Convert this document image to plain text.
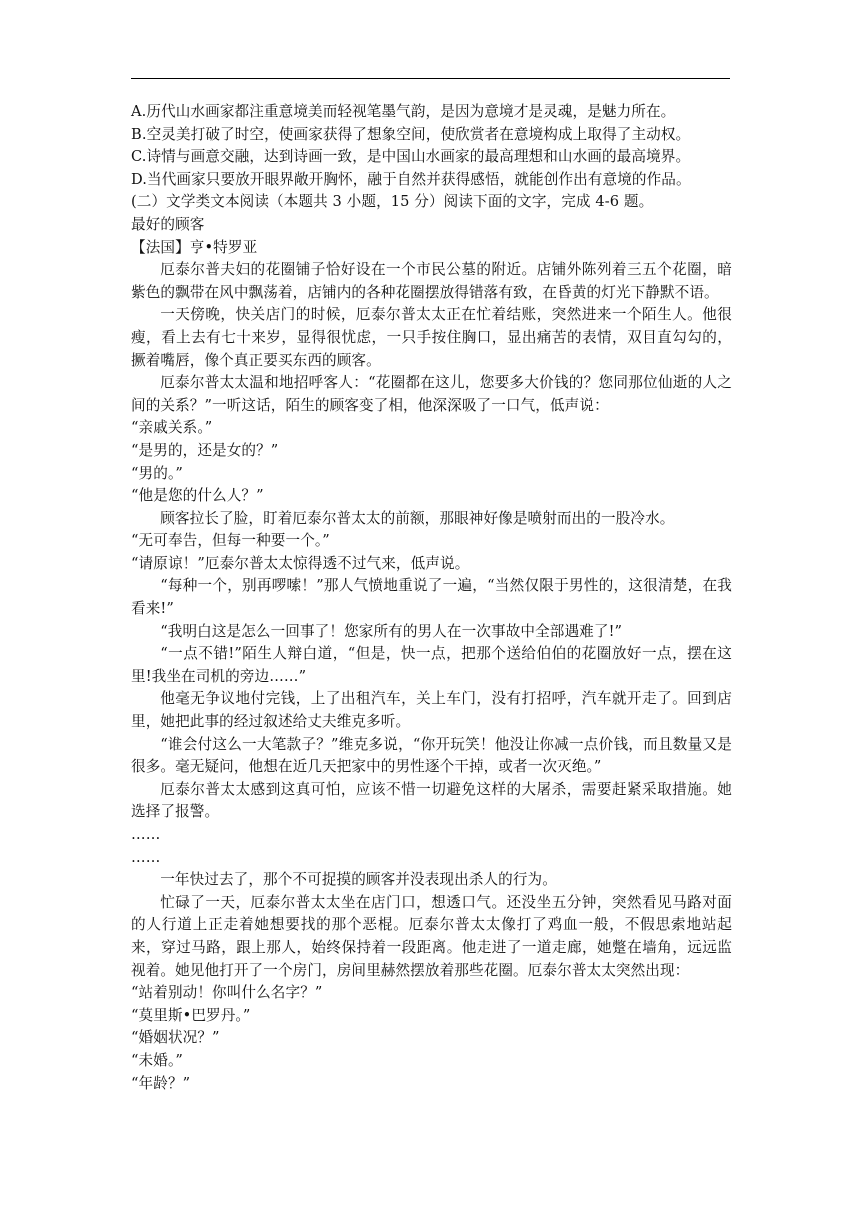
A.历代山水画家都注重意境美而轻视笔墨气韵，是因为意境才是灵魂，是魅力所在。

B.空灵美打破了时空，使画家获得了想象空间，使欣赏者在意境构成上取得了主动权。

C.诗情与画意交融，达到诗画一致，是中国山水画家的最高理想和山水画的最高境界。

D.当代画家只要放开眼界敞开胸怀，融于自然并获得感悟，就能创作出有意境的作品。

(二）文学类文本阅读（本题共 3 小题，15 分）阅读下面的文字，完成 4-6 题。

最好的顾客

【法国】亨•特罗亚

厄泰尔普夫妇的花圈铺子恰好设在一个市民公墓的附近。店铺外陈列着三五个花圈，暗紫色的飘带在风中飘荡着，店铺内的各种花圈摆放得错落有致，在昏黄的灯光下静默不语。

一天傍晚，快关店门的时候，厄泰尔普太太正在忙着结账，突然进来一个陌生人。他很瘦，看上去有七十来岁，显得很忧虑，一只手按住胸口，显出痛苦的表情，双目直勾勾的，撅着嘴唇，像个真正要买东西的顾客。

厄泰尔普太太温和地招呼客人：“花圈都在这儿，您要多大价钱的？您同那位仙逝的人之间的关系？”一听这话，陌生的顾客变了相，他深深吸了一口气，低声说：

“亲戚关系。”

“是男的，还是女的？”

“男的。”

“他是您的什么人？”

顾客拉长了脸，盯着厄泰尔普太太的前额，那眼神好像是喷射而出的一股冷水。

“无可奉告，但每一种要一个。”

“请原谅！”厄泰尔普太太惊得透不过气来，低声说。

“每种一个，别再啰嗦！”那人气愤地重说了一遍，“当然仅限于男性的，这很清楚，在我看来!”

“我明白这是怎么一回事了！您家所有的男人在一次事故中全部遇难了!”

“一点不错!”陌生人辩白道，“但是，快一点，把那个送给伯伯的花圈放好一点，摆在这里!我坐在司机的旁边……”

他毫无争议地付完钱，上了出租汽车，关上车门，没有打招呼，汽车就开走了。回到店里，她把此事的经过叙述给丈夫维克多听。

“谁会付这么一大笔款子？”维克多说，“你开玩笑！他没让你减一点价钱，而且数量又是很多。毫无疑问，他想在近几天把家中的男性逐个干掉，或者一次灭绝。”

厄泰尔普太太感到这真可怕，应该不惜一切避免这样的大屠杀，需要赶紧采取措施。她选择了报警。

……

……

一年快过去了，那个不可捉摸的顾客并没表现出杀人的行为。

忙碌了一天，厄泰尔普太太坐在店门口，想透口气。还没坐五分钟，突然看见马路对面的人行道上正走着她想要找的那个恶棍。厄泰尔普太太像打了鸡血一般，不假思索地站起来，穿过马路，跟上那人，始终保持着一段距离。他走进了一道走廊，她蹩在墙角，远远监视着。她见他打开了一个房门，房间里赫然摆放着那些花圈。厄泰尔普太太突然出现：

“站着别动！你叫什么名字？”

“莫里斯•巴罗丹。”

“婚姻状况？”

“未婚。”

“年龄？”
